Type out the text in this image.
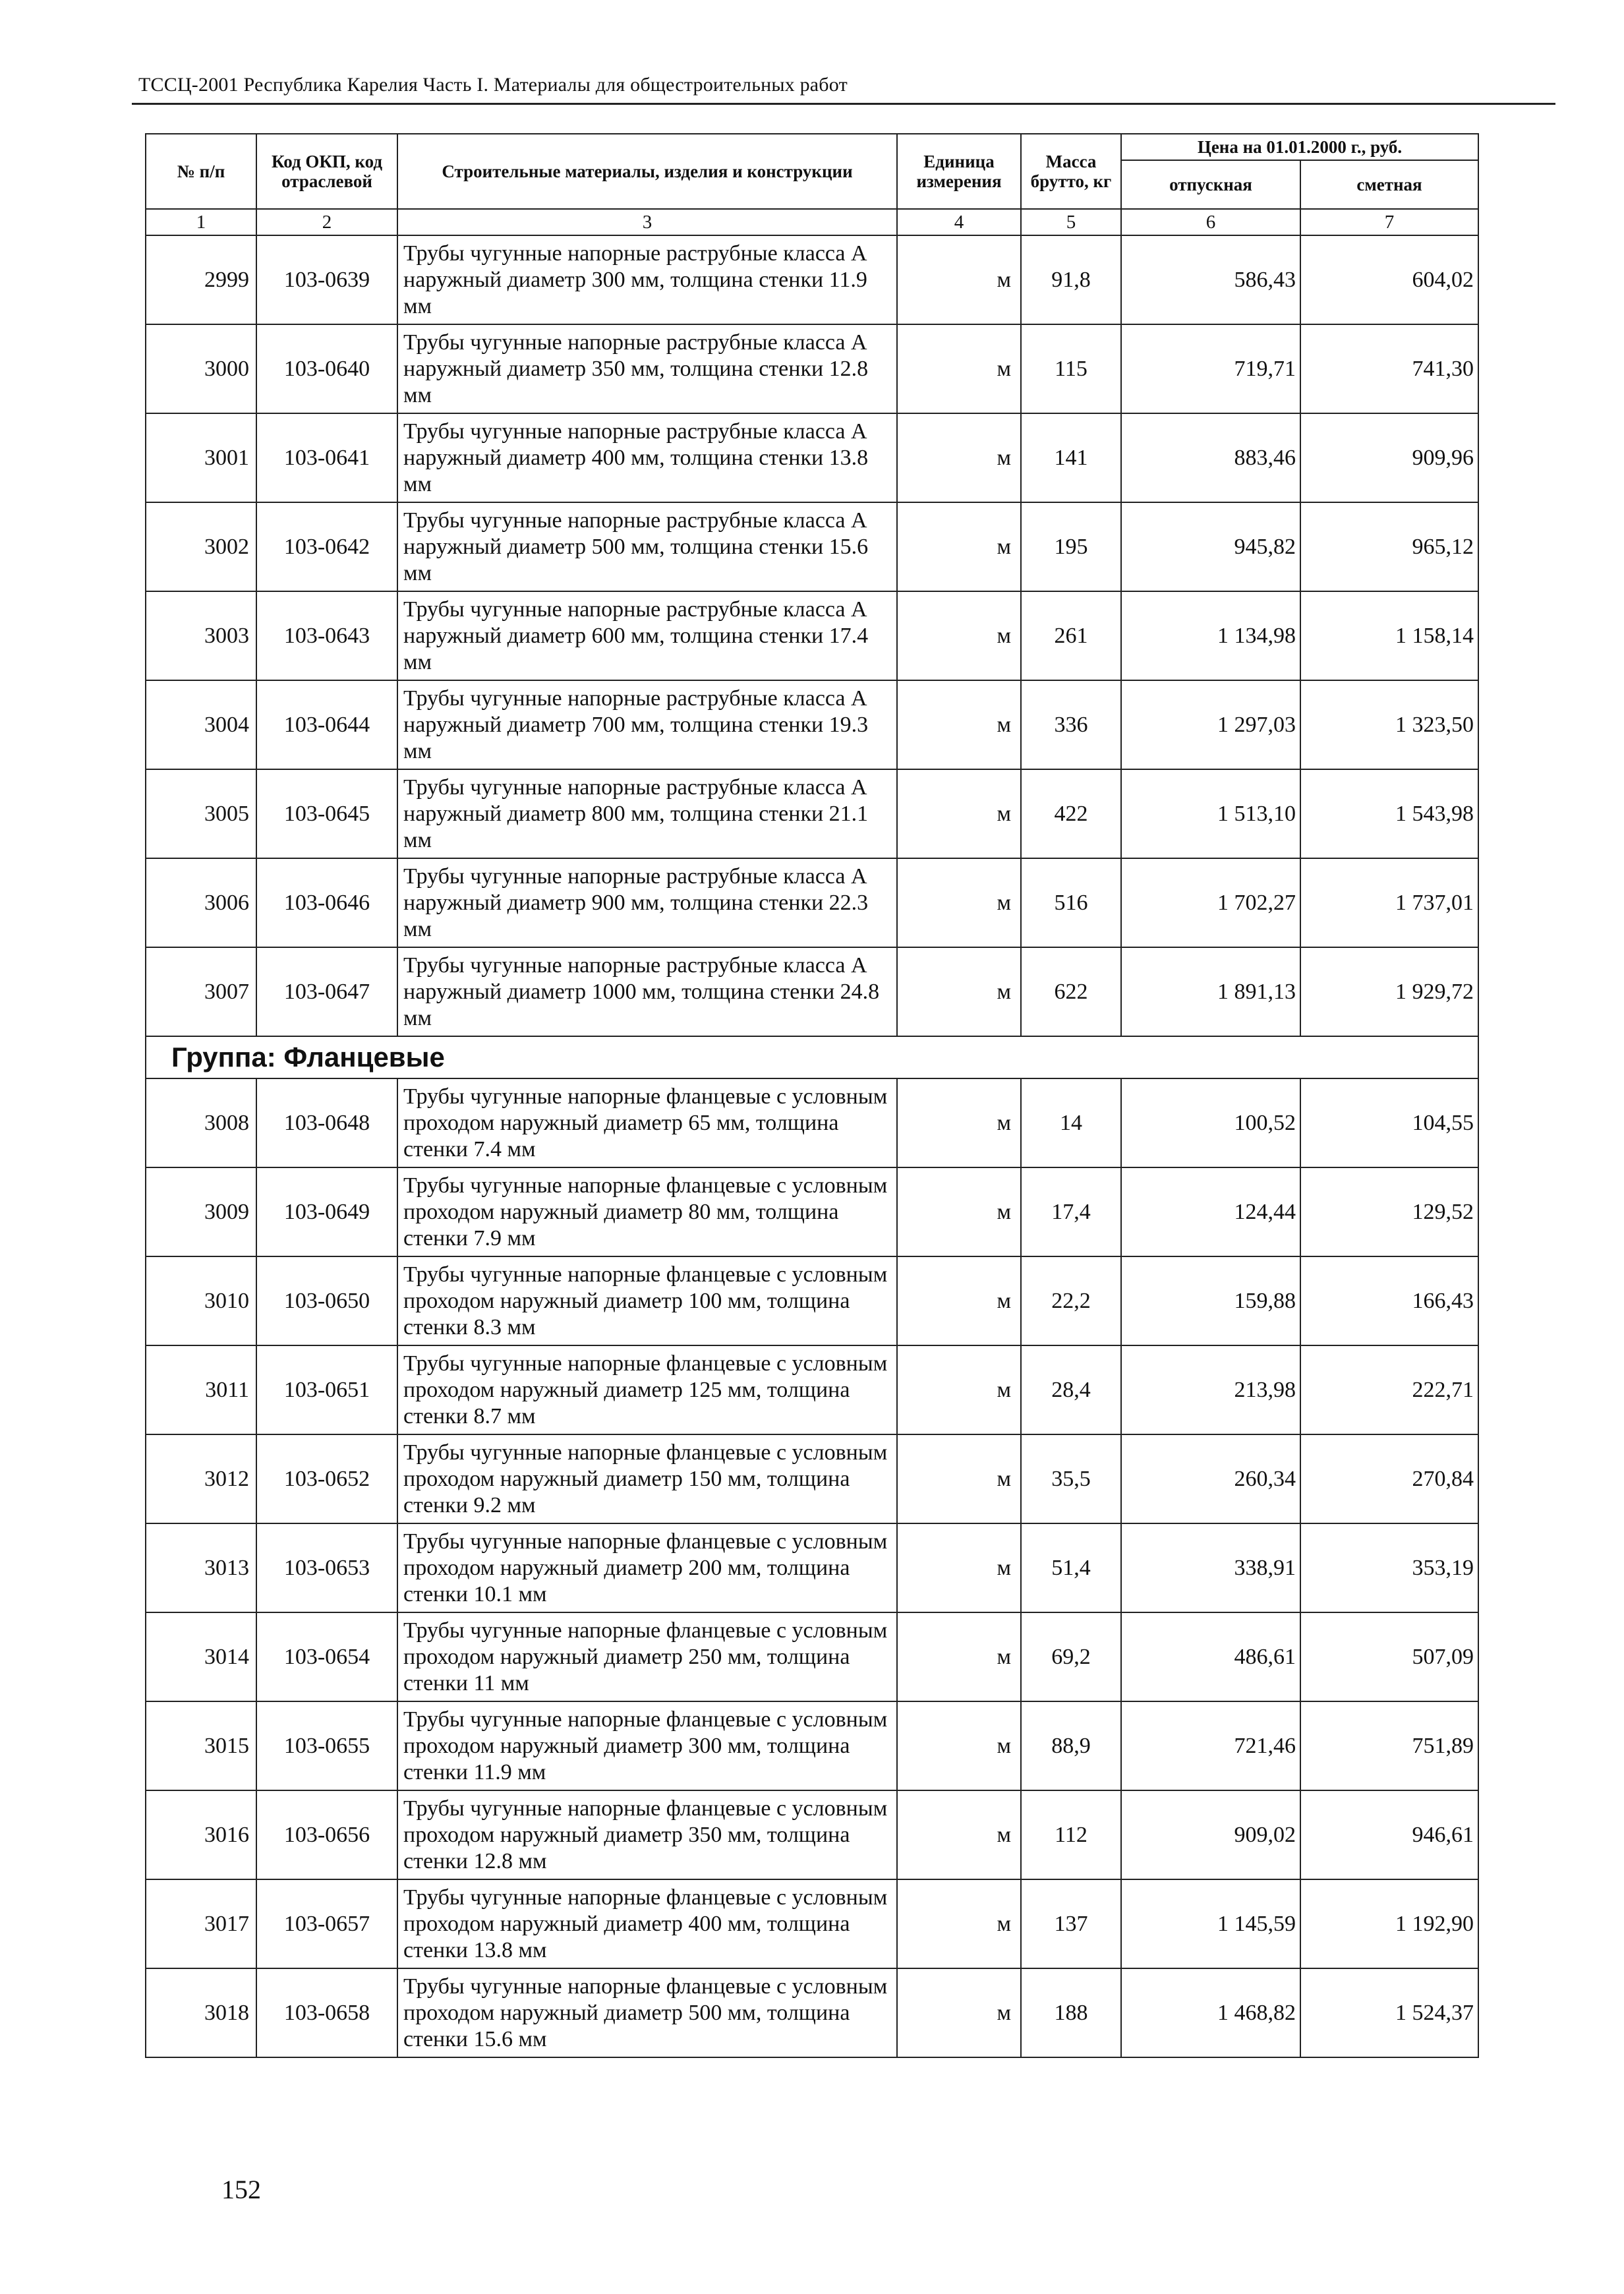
ТССЦ-2001 Республика Карелия Часть I. Материалы для общестроительных работ
№ п/п	Код ОКП, код отраслевой	Строительные материалы, изделия и конструкции	Единица измерения	Масса брутто, кг	Цена на 01.01.2000 г., руб.	
					отпускная	сметная
1	2	3	4	5	6	7
2999	103-0639	Трубы чугунные напорные раструбные класса А наружный диаметр 300 мм, толщина стенки 11.9 мм	м	91,8	586,43	604,02
3000	103-0640	Трубы чугунные напорные раструбные класса А наружный диаметр 350 мм, толщина стенки 12.8 мм	м	115	719,71	741,30
3001	103-0641	Трубы чугунные напорные раструбные класса А наружный диаметр 400 мм, толщина стенки 13.8 мм	м	141	883,46	909,96
3002	103-0642	Трубы чугунные напорные раструбные класса А наружный диаметр 500 мм, толщина стенки 15.6 мм	м	195	945,82	965,12
3003	103-0643	Трубы чугунные напорные раструбные класса А наружный диаметр 600 мм, толщина стенки 17.4 мм	м	261	1 134,98	1 158,14
3004	103-0644	Трубы чугунные напорные раструбные класса А наружный диаметр 700 мм, толщина стенки 19.3 мм	м	336	1 297,03	1 323,50
3005	103-0645	Трубы чугунные напорные раструбные класса А наружный диаметр 800 мм, толщина стенки 21.1 мм	м	422	1 513,10	1 543,98
3006	103-0646	Трубы чугунные напорные раструбные класса А наружный диаметр 900 мм, толщина стенки 22.3 мм	м	516	1 702,27	1 737,01
3007	103-0647	Трубы чугунные напорные раструбные класса А наружный диаметр 1000 мм, толщина стенки 24.8 мм	м	622	1 891,13	1 929,72
Группа: Фланцевые						
3008	103-0648	Трубы чугунные напорные фланцевые с условным проходом наружный диаметр 65 мм, толщина стенки 7.4 мм	м	14	100,52	104,55
3009	103-0649	Трубы чугунные напорные фланцевые с условным проходом наружный диаметр 80 мм, толщина стенки 7.9 мм	м	17,4	124,44	129,52
3010	103-0650	Трубы чугунные напорные фланцевые с условным проходом наружный диаметр 100 мм, толщина стенки 8.3 мм	м	22,2	159,88	166,43
3011	103-0651	Трубы чугунные напорные фланцевые с условным проходом наружный диаметр 125 мм, толщина стенки 8.7 мм	м	28,4	213,98	222,71
3012	103-0652	Трубы чугунные напорные фланцевые с условным проходом наружный диаметр 150 мм, толщина стенки 9.2 мм	м	35,5	260,34	270,84
3013	103-0653	Трубы чугунные напорные фланцевые с условным проходом наружный диаметр 200 мм, толщина стенки 10.1 мм	м	51,4	338,91	353,19
3014	103-0654	Трубы чугунные напорные фланцевые с условным проходом наружный диаметр 250 мм, толщина стенки 11 мм	м	69,2	486,61	507,09
3015	103-0655	Трубы чугунные напорные фланцевые с условным проходом наружный диаметр 300 мм, толщина стенки 11.9 мм	м	88,9	721,46	751,89
3016	103-0656	Трубы чугунные напорные фланцевые с условным проходом наружный диаметр 350 мм, толщина стенки 12.8 мм	м	112	909,02	946,61
3017	103-0657	Трубы чугунные напорные фланцевые с условным проходом наружный диаметр 400 мм, толщина стенки 13.8 мм	м	137	1 145,59	1 192,90
3018	103-0658	Трубы чугунные напорные фланцевые с условным проходом наружный диаметр 500 мм, толщина стенки 15.6 мм	м	188	1 468,82	1 524,37
152
